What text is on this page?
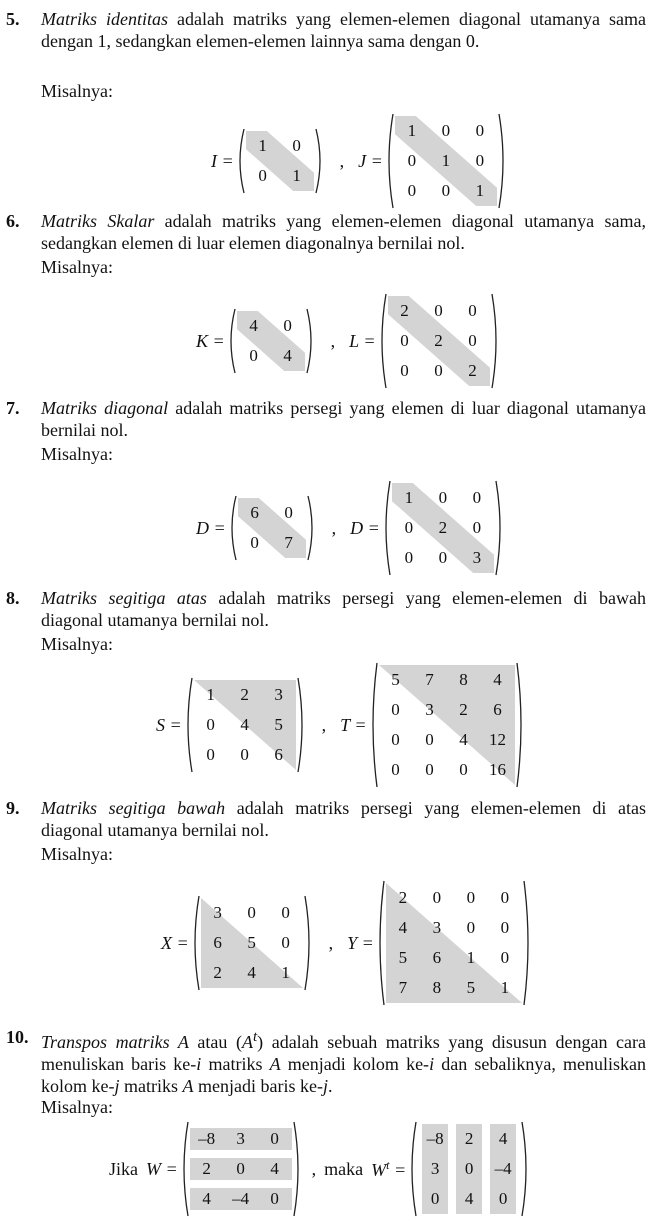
5. Matriks identitas adalah matriks yang elemen-elemen diagonal utamanya sama dengan 1, sedangkan elemen-elemen lainnya sama dengan 0.
Misalnya:
I =
1	0
0	1
, J =
1	0	0
0	1	0
0	0	1
6. Matriks Skalar adalah matriks yang elemen-elemen diagonal utamanya sama, sedangkan elemen di luar elemen diagonalnya bernilai nol.
Misalnya:
K =
4	0
0	4
, L =
2	0	0
0	2	0
0	0	2
7. Matriks diagonal adalah matriks persegi yang elemen di luar diagonal utamanya bernilai nol.
Misalnya:
D =
6	0
0	7
, D =
1	0	0
0	2	0
0	0	3
8. Matriks segitiga atas adalah matriks persegi yang elemen-elemen di bawah diagonal utamanya bernilai nol.
Misalnya:
S =
1	2	3
0	4	5
0	0	6
, T =
5	7	8	4
0	3	2	6
0	0	4	12
0	0	0	16
9. Matriks segitiga bawah adalah matriks persegi yang elemen-elemen di atas diagonal utamanya bernilai nol.
Misalnya:
X =
3	0	0
6	5	0
2	4	1
, Y =
2	0	0	0
4	3	0	0
5	6	1	0
7	8	5	1
10. Transpos matriks A atau $(A^t)$ adalah sebuah matriks yang disusun dengan cara menuliskan baris ke-i matriks A menjadi kolom ke-i dan sebaliknya, menuliskan kolom ke-j matriks A menjadi baris ke-j.
Misalnya:
Jika W =
–8	3	0
2	0	4
4	–4	0
, maka $W^t$ =
–8	2	4
3	0	–4
0	4	0
